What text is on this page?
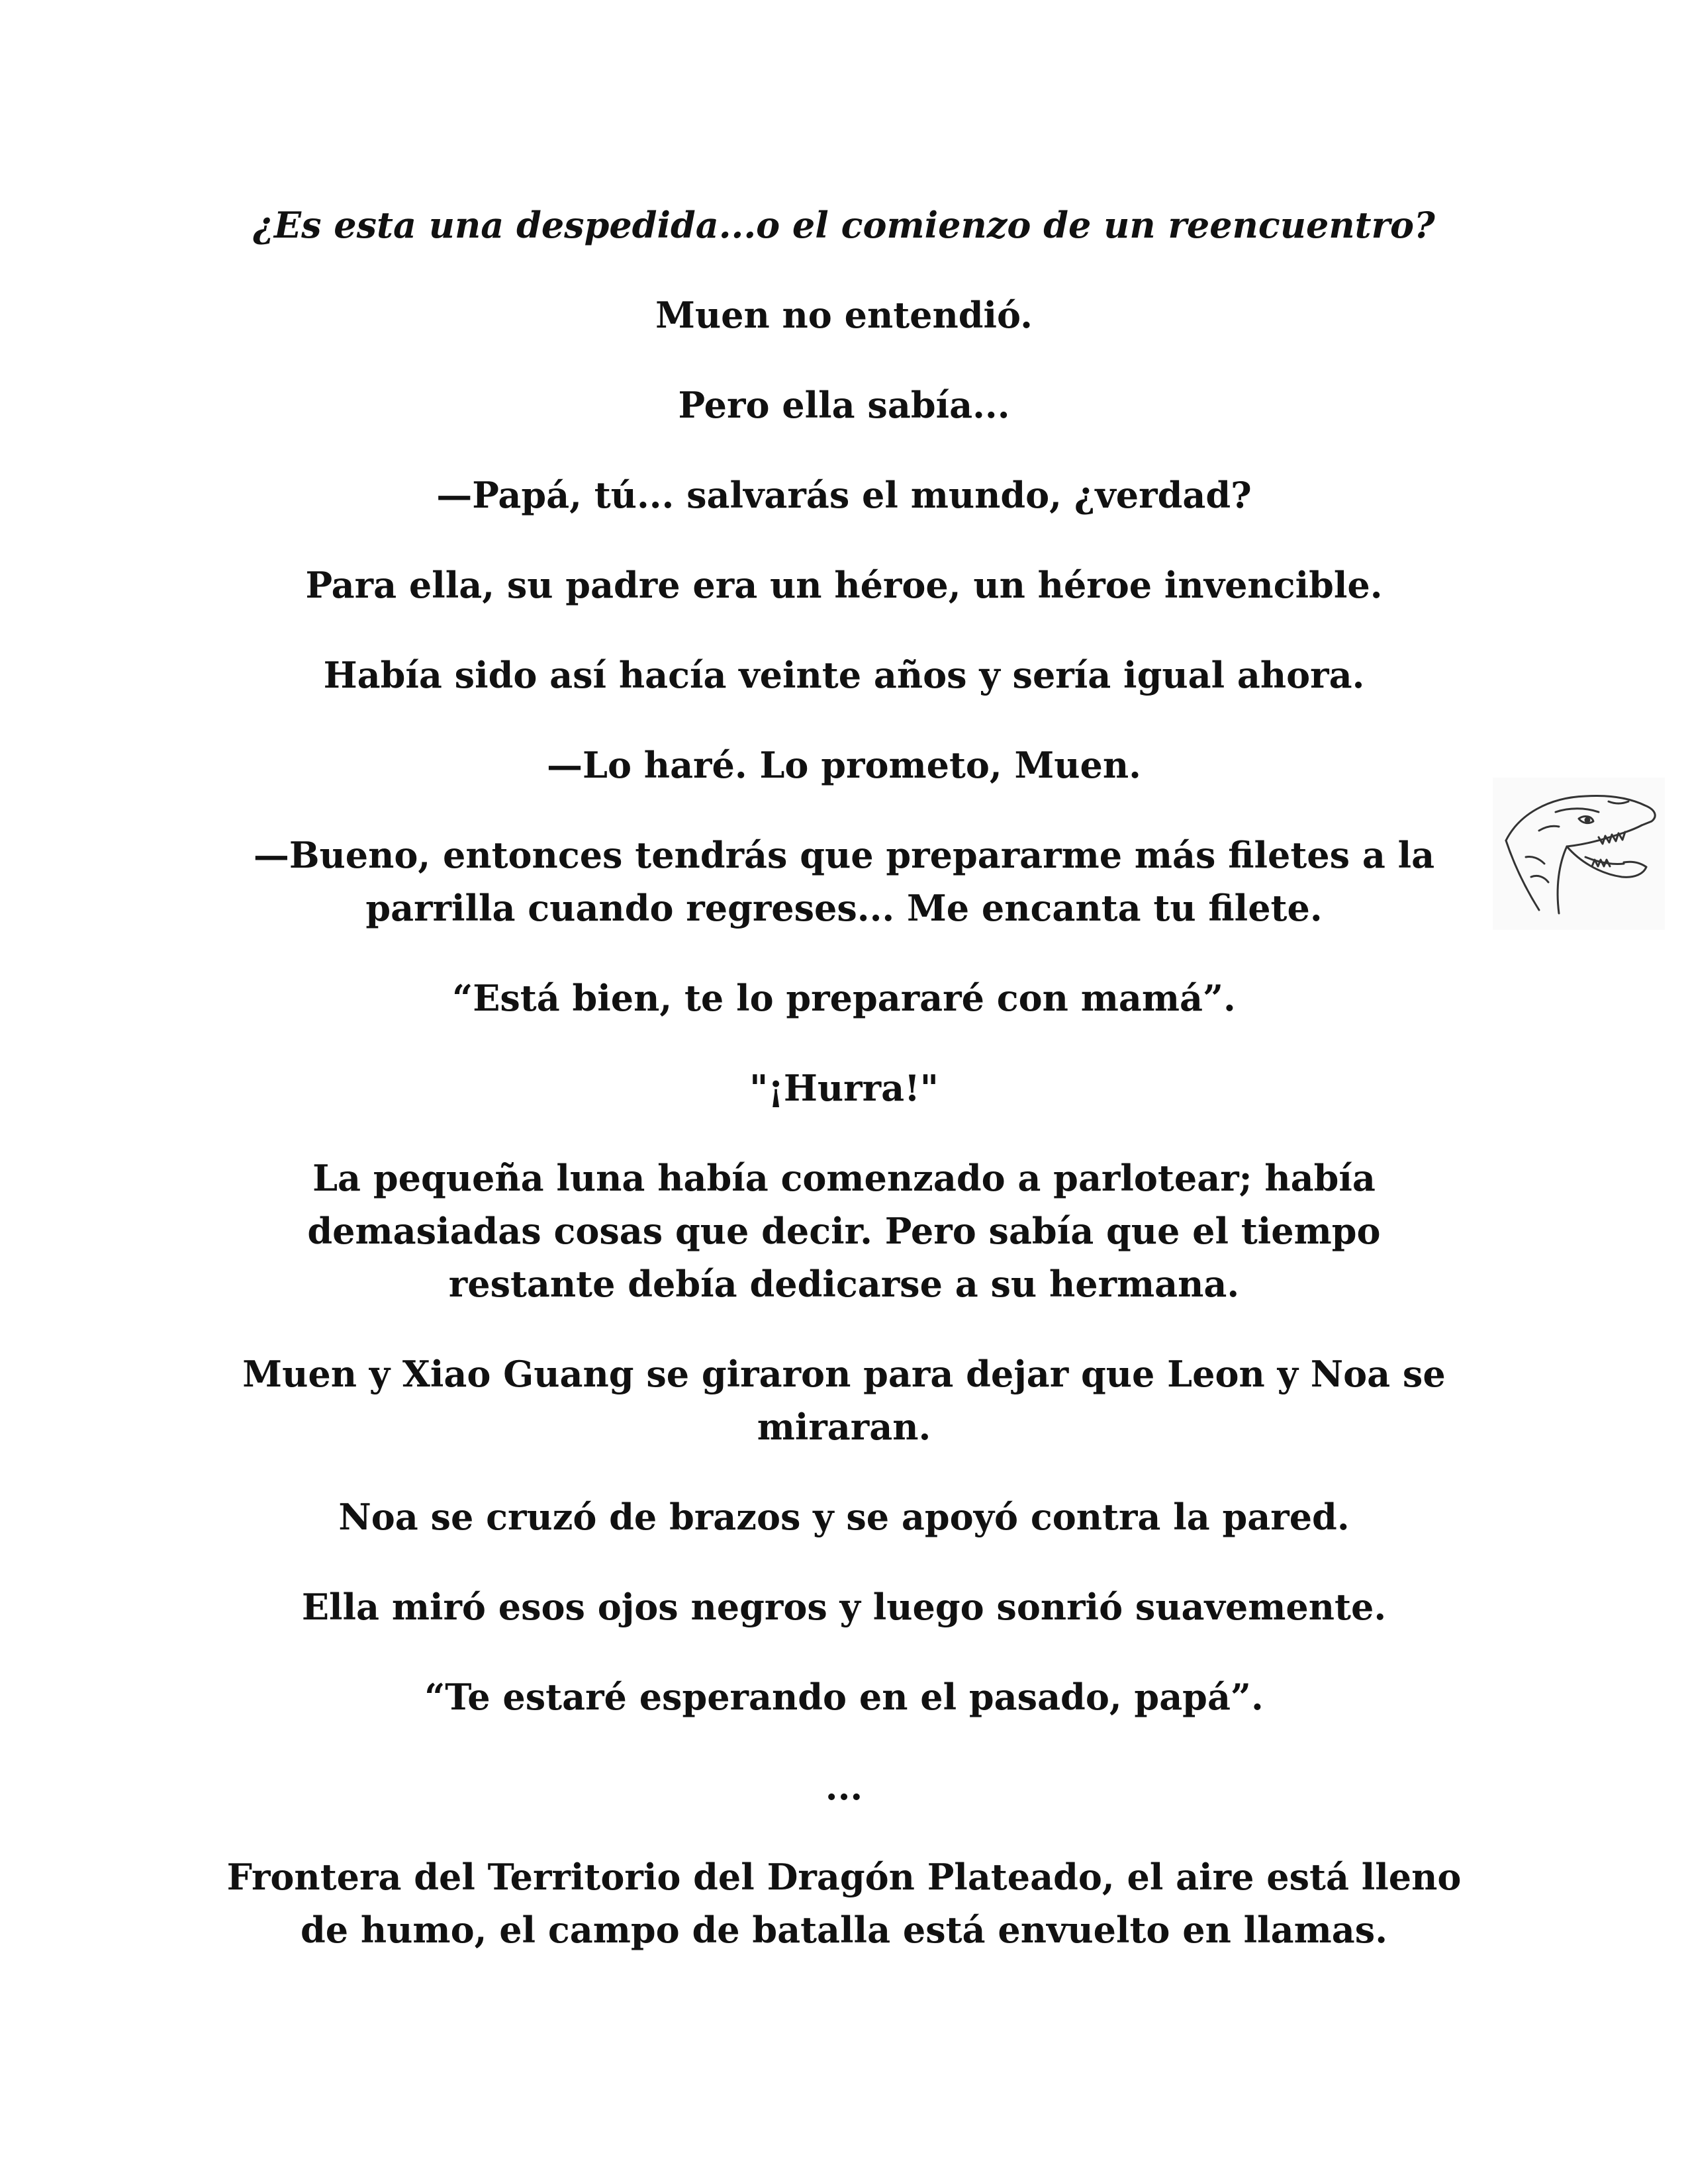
¿Es esta una despedida...o el comienzo de un reencuentro?

Muen no entendió.

Pero ella sabía...

—Papá, tú... salvarás el mundo, ¿verdad?

Para ella, su padre era un héroe, un héroe invencible.

Había sido así hacía veinte años y sería igual ahora.

—Lo haré. Lo prometo, Muen.

—Bueno, entonces tendrás que prepararme más filetes a la parrilla cuando regreses... Me encanta tu filete.

“Está bien, te lo prepararé con mamá”.

"¡Hurra!"

La pequeña luna había comenzado a parlotear; había demasiadas cosas que decir. Pero sabía que el tiempo restante debía dedicarse a su hermana.

Muen y Xiao Guang se giraron para dejar que Leon y Noa se miraran.

Noa se cruzó de brazos y se apoyó contra la pared.

Ella miró esos ojos negros y luego sonrió suavemente.

“Te estaré esperando en el pasado, papá”.

...

Frontera del Territorio del Dragón Plateado, el aire está lleno de humo, el campo de batalla está envuelto en llamas.
